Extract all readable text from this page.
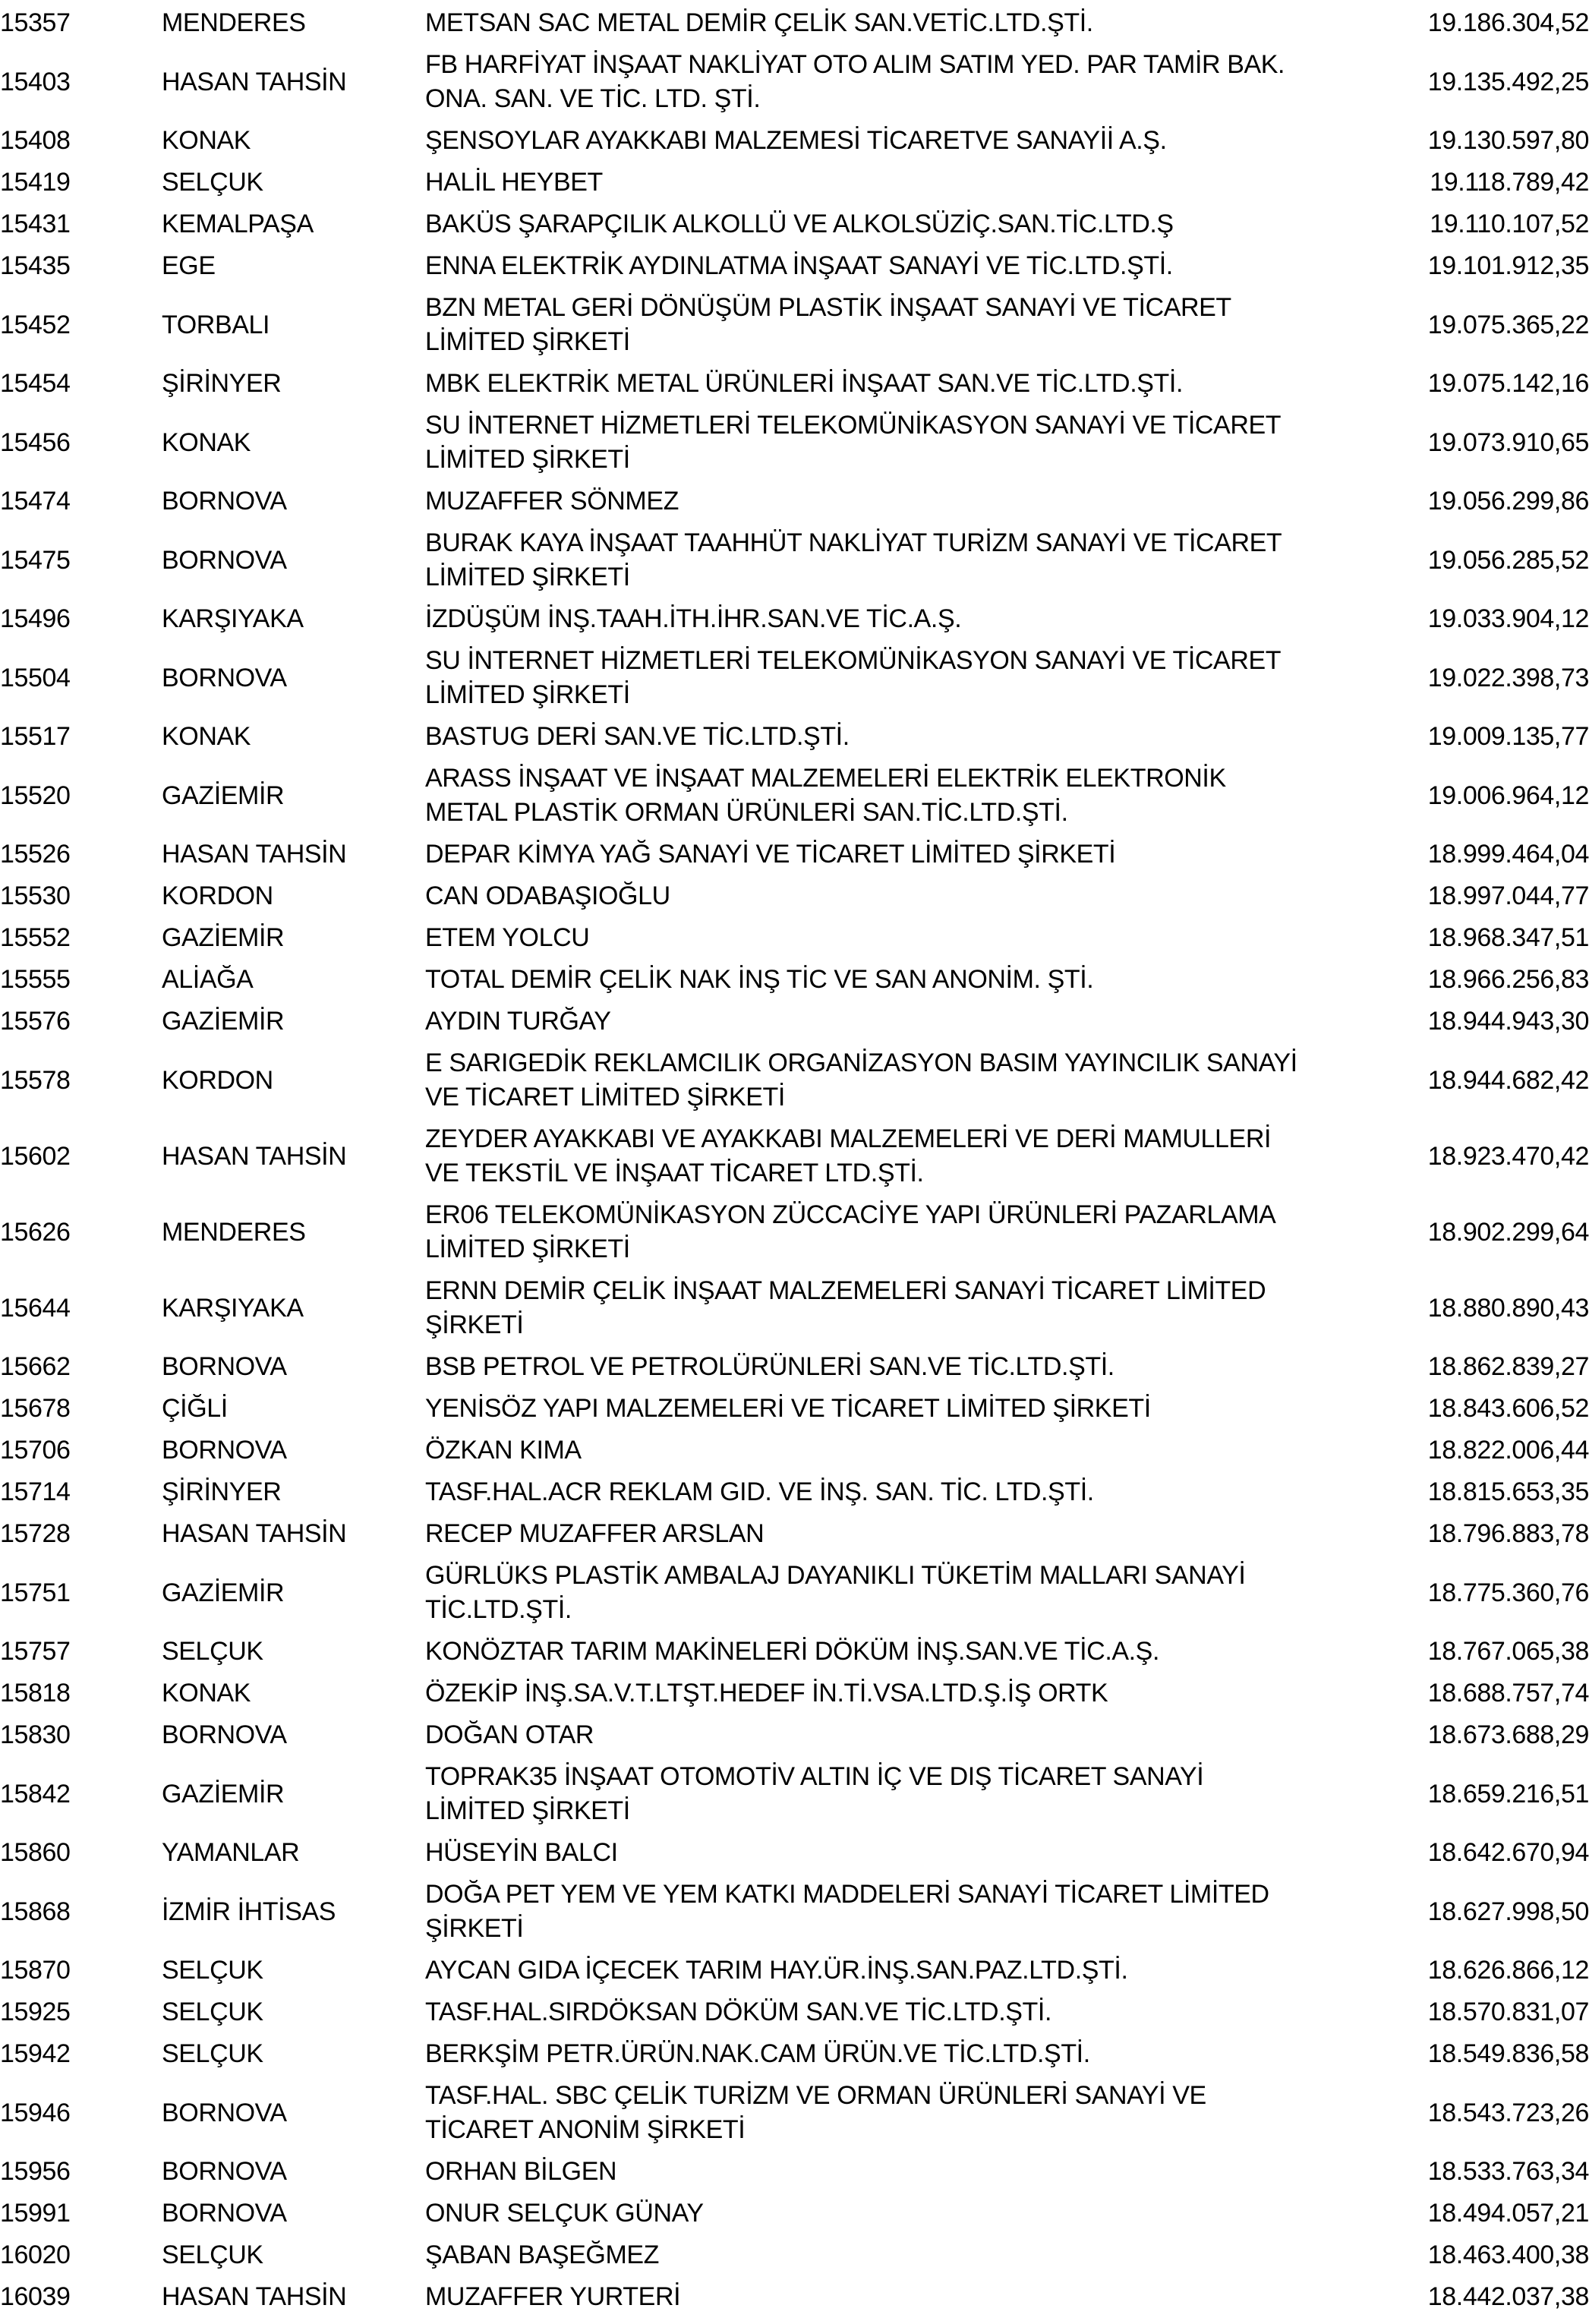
15357	MENDERES	METSAN SAC METAL DEMİR ÇELİK SAN.VETİC.LTD.ŞTİ.	19.186.304,52
15403	HASAN TAHSİN	FB HARFİYAT İNŞAAT NAKLİYAT OTO ALIM SATIM YED. PAR TAMİR BAK. ONA. SAN. VE TİC. LTD. ŞTİ.	19.135.492,25
15408	KONAK	ŞENSOYLAR AYAKKABI MALZEMESİ TİCARETVE SANAYİİ A.Ş.	19.130.597,80
15419	SELÇUK	HALİL HEYBET	19.118.789,42
15431	KEMALPAŞA	BAKÜS ŞARAPÇILIK ALKOLLÜ VE ALKOLSÜZİÇ.SAN.TİC.LTD.Ş	19.110.107,52
15435	EGE	ENNA ELEKTRİK AYDINLATMA İNŞAAT SANAYİ VE TİC.LTD.ŞTİ.	19.101.912,35
15452	TORBALI	BZN METAL GERİ DÖNÜŞÜM PLASTİK İNŞAAT SANAYİ VE TİCARET LİMİTED ŞİRKETİ	19.075.365,22
15454	ŞİRİNYER	MBK ELEKTRİK METAL ÜRÜNLERİ İNŞAAT SAN.VE TİC.LTD.ŞTİ.	19.075.142,16
15456	KONAK	SU İNTERNET HİZMETLERİ TELEKOMÜNİKASYON SANAYİ VE TİCARET LİMİTED ŞİRKETİ	19.073.910,65
15474	BORNOVA	MUZAFFER SÖNMEZ	19.056.299,86
15475	BORNOVA	BURAK KAYA İNŞAAT TAAHHÜT NAKLİYAT TURİZM SANAYİ VE TİCARET LİMİTED ŞİRKETİ	19.056.285,52
15496	KARŞIYAKA	İZDÜŞÜM İNŞ.TAAH.İTH.İHR.SAN.VE TİC.A.Ş.	19.033.904,12
15504	BORNOVA	SU İNTERNET HİZMETLERİ TELEKOMÜNİKASYON SANAYİ VE TİCARET LİMİTED ŞİRKETİ	19.022.398,73
15517	KONAK	BASTUG DERİ SAN.VE TİC.LTD.ŞTİ.	19.009.135,77
15520	GAZİEMİR	ARASS İNŞAAT VE İNŞAAT MALZEMELERİ ELEKTRİK ELEKTRONİK METAL PLASTİK ORMAN ÜRÜNLERİ SAN.TİC.LTD.ŞTİ.	19.006.964,12
15526	HASAN TAHSİN	DEPAR KİMYA YAĞ SANAYİ VE TİCARET LİMİTED ŞİRKETİ	18.999.464,04
15530	KORDON	CAN ODABAŞIOĞLU	18.997.044,77
15552	GAZİEMİR	ETEM YOLCU	18.968.347,51
15555	ALİAĞA	TOTAL DEMİR ÇELİK NAK İNŞ TİC VE SAN ANONİM. ŞTİ.	18.966.256,83
15576	GAZİEMİR	AYDIN TURĞAY	18.944.943,30
15578	KORDON	E SARIGEDİK REKLAMCILIK ORGANİZASYON BASIM YAYINCILIK SANAYİ VE TİCARET LİMİTED ŞİRKETİ	18.944.682,42
15602	HASAN TAHSİN	ZEYDER AYAKKABI VE AYAKKABI MALZEMELERİ VE DERİ MAMULLERİ VE TEKSTİL VE İNŞAAT TİCARET LTD.ŞTİ.	18.923.470,42
15626	MENDERES	ER06 TELEKOMÜNİKASYON ZÜCCACİYE YAPI ÜRÜNLERİ PAZARLAMA LİMİTED ŞİRKETİ	18.902.299,64
15644	KARŞIYAKA	ERNN DEMİR ÇELİK İNŞAAT MALZEMELERİ SANAYİ TİCARET LİMİTED ŞİRKETİ	18.880.890,43
15662	BORNOVA	BSB PETROL VE PETROLÜRÜNLERİ SAN.VE TİC.LTD.ŞTİ.	18.862.839,27
15678	ÇİĞLİ	YENİSÖZ YAPI MALZEMELERİ VE TİCARET LİMİTED ŞİRKETİ	18.843.606,52
15706	BORNOVA	ÖZKAN KIMA	18.822.006,44
15714	ŞİRİNYER	TASF.HAL.ACR REKLAM GID. VE İNŞ. SAN. TİC. LTD.ŞTİ.	18.815.653,35
15728	HASAN TAHSİN	RECEP MUZAFFER ARSLAN	18.796.883,78
15751	GAZİEMİR	GÜRLÜKS PLASTİK AMBALAJ DAYANIKLI TÜKETİM MALLARI SANAYİ TİC.LTD.ŞTİ.	18.775.360,76
15757	SELÇUK	KONÖZTAR TARIM MAKİNELERİ DÖKÜM İNŞ.SAN.VE TİC.A.Ş.	18.767.065,38
15818	KONAK	ÖZEKİP İNŞ.SA.V.T.LTŞT.HEDEF İN.Tİ.VSA.LTD.Ş.İŞ ORTK	18.688.757,74
15830	BORNOVA	DOĞAN OTAR	18.673.688,29
15842	GAZİEMİR	TOPRAK35 İNŞAAT OTOMOTİV ALTIN İÇ VE DIŞ TİCARET SANAYİ LİMİTED ŞİRKETİ	18.659.216,51
15860	YAMANLAR	HÜSEYİN BALCI	18.642.670,94
15868	İZMİR İHTİSAS	DOĞA PET YEM VE YEM KATKI MADDELERİ SANAYİ TİCARET LİMİTED ŞİRKETİ	18.627.998,50
15870	SELÇUK	AYCAN GIDA İÇECEK TARIM HAY.ÜR.İNŞ.SAN.PAZ.LTD.ŞTİ.	18.626.866,12
15925	SELÇUK	TASF.HAL.SIRDÖKSAN DÖKÜM SAN.VE TİC.LTD.ŞTİ.	18.570.831,07
15942	SELÇUK	BERKŞİM PETR.ÜRÜN.NAK.CAM ÜRÜN.VE TİC.LTD.ŞTİ.	18.549.836,58
15946	BORNOVA	TASF.HAL. SBC ÇELİK TURİZM VE ORMAN ÜRÜNLERİ SANAYİ VE TİCARET ANONİM ŞİRKETİ	18.543.723,26
15956	BORNOVA	ORHAN BİLGEN	18.533.763,34
15991	BORNOVA	ONUR SELÇUK GÜNAY	18.494.057,21
16020	SELÇUK	ŞABAN BAŞEĞMEZ	18.463.400,38
16039	HASAN TAHSİN	MUZAFFER YURTERİ	18.442.037,38
